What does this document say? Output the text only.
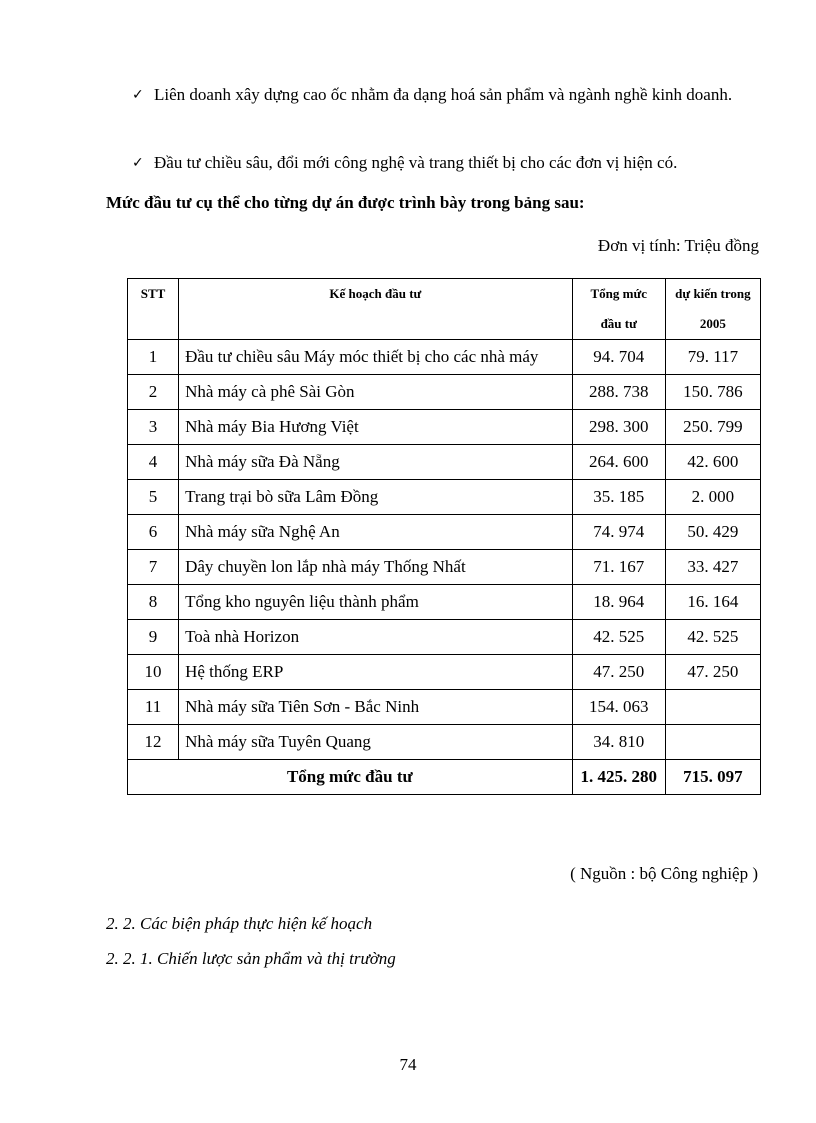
✓ Liên doanh xây dựng cao ốc nhằm đa dạng hoá sản phẩm và ngành nghề kinh doanh.
✓ Đầu tư chiều sâu, đổi mới công nghệ và trang thiết bị cho các đơn vị hiện có.

Mức đầu tư cụ thể cho từng dự án được trình bày trong bảng sau:

Đơn vị tính: Triệu đồng
STT	Kế hoạch đầu tư	Tổng mức đầu tư	dự kiến trong 2005
1	Đầu tư chiều sâu Máy móc thiết bị cho các nhà máy	94. 704	79. 117
2	Nhà máy cà phê Sài Gòn	288. 738	150. 786
3	Nhà máy Bia Hương Việt	298. 300	250. 799
4	Nhà máy sữa Đà Nẵng	264. 600	42. 600
5	Trang trại bò sữa Lâm Đồng	35. 185	2. 000
6	Nhà máy sữa Nghệ An	74. 974	50. 429
7	Dây chuyền lon lắp nhà máy Thống Nhất	71. 167	33. 427
8	Tổng kho nguyên liệu thành phẩm	18. 964	16. 164
9	Toà nhà Horizon	42. 525	42. 525
10	Hệ thống ERP	47. 250	47. 250
11	Nhà máy sữa Tiên Sơn - Bắc Ninh	154. 063	
12	Nhà máy sữa Tuyên Quang	34. 810	
Tổng mức đầu tư		1. 425. 280	715. 097
( Nguồn : bộ Công nghiệp )

2. 2. Các biện pháp thực hiện kế hoạch

2. 2. 1. Chiến lược sản phẩm và thị trường

74
